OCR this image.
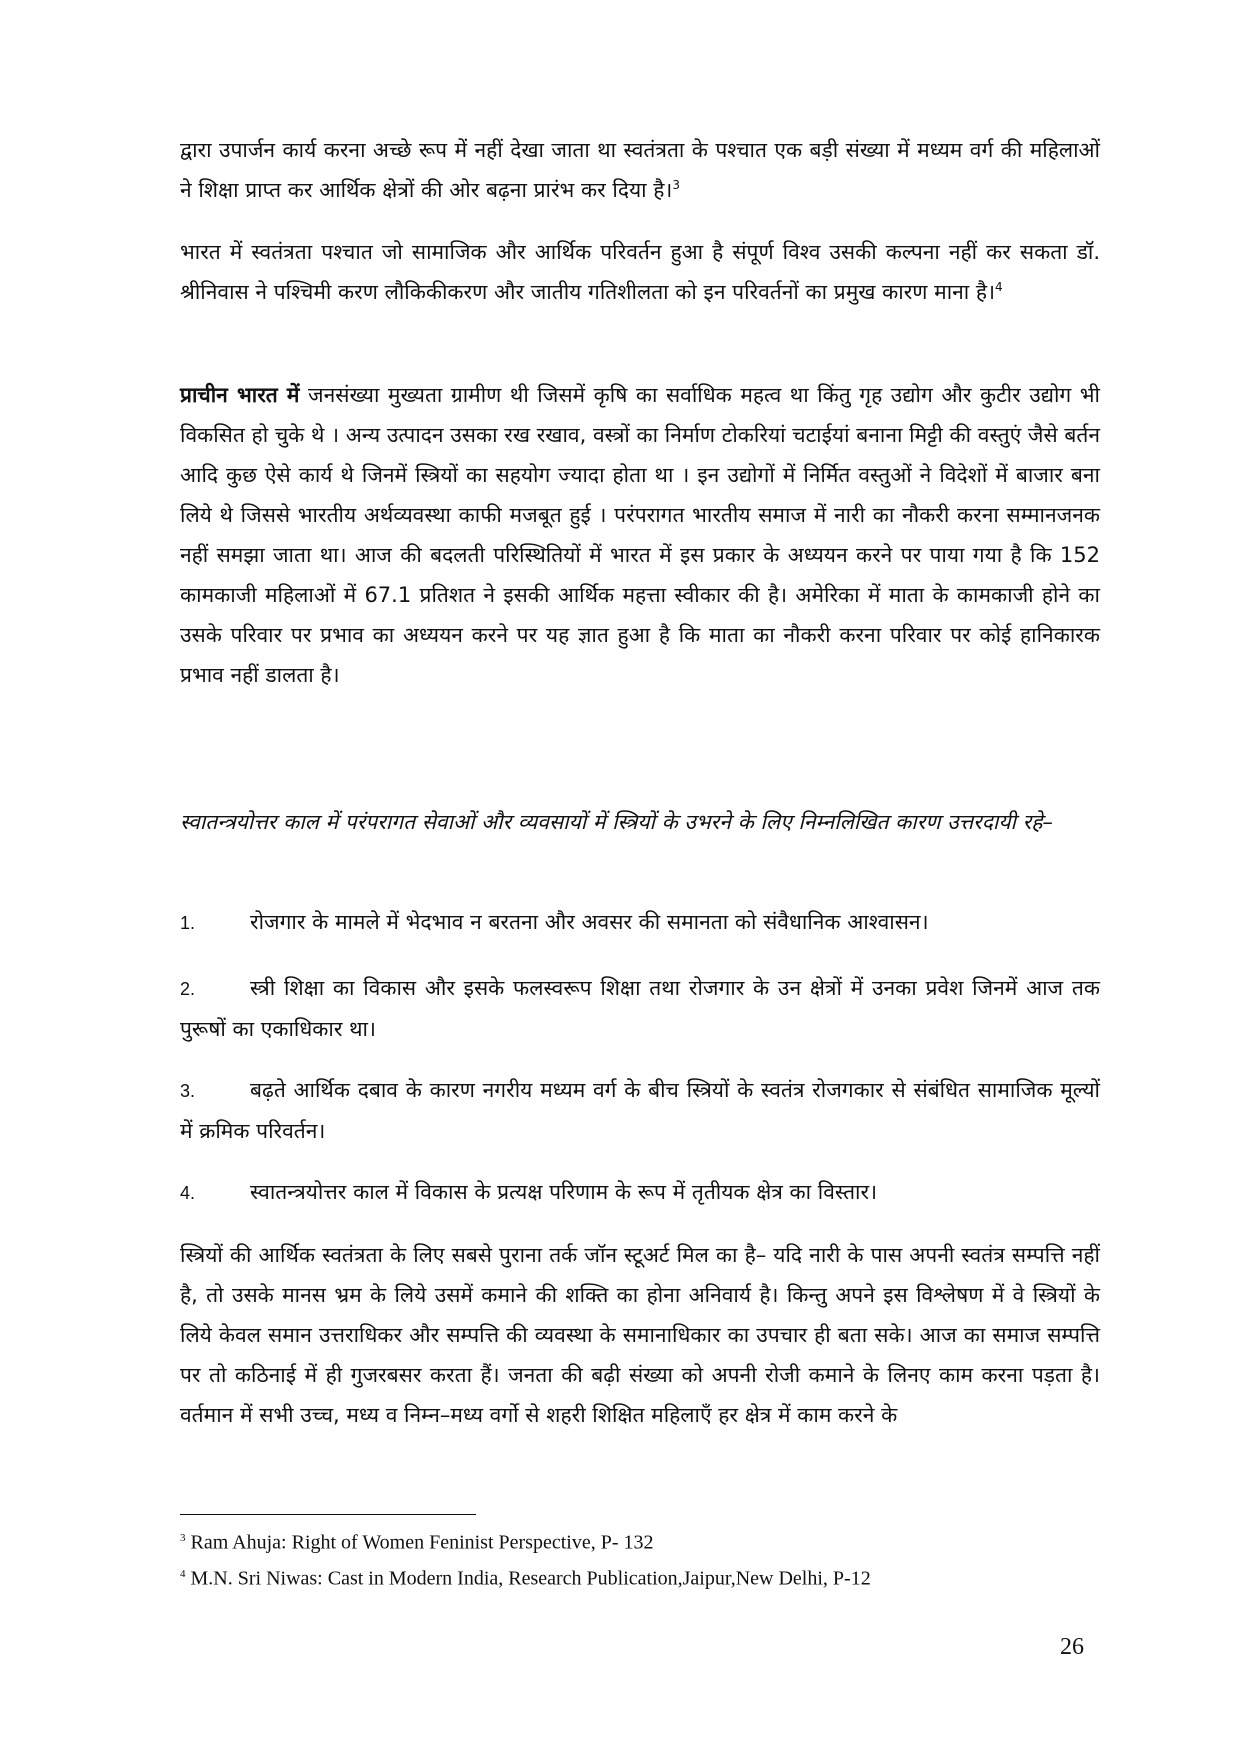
द्वारा उपार्जन कार्य करना अच्छे रूप में नहीं देखा जाता था स्वतंत्रता के पश्चात एक बड़ी संख्या में मध्यम वर्ग की महिलाओं ने शिक्षा प्राप्त कर आर्थिक क्षेत्रों की ओर बढ़ना प्रारंभ कर दिया है।$^3$

भारत में स्वतंत्रता पश्चात जो सामाजिक और आर्थिक परिवर्तन हुआ है संपूर्ण विश्व उसकी कल्पना नहीं कर सकता डॉ. श्रीनिवास ने पश्चिमी करण लौकिकीकरण और जातीय गतिशीलता को इन परिवर्तनों का प्रमुख कारण माना है।$^4$

प्राचीन भारत में जनसंख्या मुख्यता ग्रामीण थी जिसमें कृषि का सर्वाधिक महत्व था किंतु गृह उद्योग और कुटीर उद्योग भी विकसित हो चुके थे । अन्य उत्पादन उसका रख रखाव, वस्त्रों का निर्माण टोकरियां चटाईयां बनाना मिट्टी की वस्तुएं जैसे बर्तन आदि कुछ ऐसे कार्य थे जिनमें स्त्रियों का सहयोग ज्यादा होता था । इन उद्योगों में निर्मित वस्तुओं ने विदेशों में बाजार बना लिये थे जिससे भारतीय अर्थव्यवस्था काफी मजबूत हुई । परंपरागत भारतीय समाज में नारी का नौकरी करना सम्मानजनक नहीं समझा जाता था। आज की बदलती परिस्थितियों में भारत में इस प्रकार के अध्ययन करने पर पाया गया है कि 152 कामकाजी महिलाओं में 67.1 प्रतिशत ने इसकी आर्थिक महत्ता स्वीकार की है। अमेरिका में माता के कामकाजी होने का उसके परिवार पर प्रभाव का अध्ययन करने पर यह ज्ञात हुआ है कि माता का नौकरी करना परिवार पर कोई हानिकारक प्रभाव नहीं डालता है।

स्वातन्त्रयोत्तर काल में परंपरागत सेवाओं और व्यवसायों में स्त्रियों के उभरने के लिए निम्नलिखित कारण उत्तरदायी रहे–

1.	रोजगार के मामले में भेदभाव न बरतना और अवसर की समानता को संवैधानिक आश्वासन।
2.	स्त्री शिक्षा का विकास और इसके फलस्वरूप शिक्षा तथा रोजगार के उन क्षेत्रों में उनका प्रवेश जिनमें आज तक पुरूषों का एकाधिकार था।
3.	बढ़ते आर्थिक दबाव के कारण नगरीय मध्यम वर्ग के बीच स्त्रियों के स्वतंत्र रोजगकार से संबंधित सामाजिक मूल्यों में क्रमिक परिवर्तन।
4.	स्वातन्त्रयोत्तर काल में विकास के प्रत्यक्ष परिणाम के रूप में तृतीयक क्षेत्र का विस्तार।

स्त्रियों की आर्थिक स्वतंत्रता के लिए सबसे पुराना तर्क जॉन स्टूअर्ट मिल का है– यदि नारी के पास अपनी स्वतंत्र सम्पत्ति नहीं है, तो उसके मानस भ्रम के लिये उसमें कमाने की शक्ति का होना अनिवार्य है। किन्तु अपने इस विश्लेषण में वे स्त्रियों के लिये केवल समान उत्तराधिकर और सम्पत्ति की व्यवस्था के समानाधिकार का उपचार ही बता सके। आज का समाज सम्पत्ति पर तो कठिनाई में ही गुजरबसर करता हैं। जनता की बढ़ी संख्या को अपनी रोजी कमाने के लिनए काम करना पड़ता है। वर्तमान में सभी उच्च, मध्य व निम्न–मध्य वर्गो से शहरी शिक्षित महिलाएँ हर क्षेत्र में काम करने के

$^3$ Ram Ahuja: Right of Women Feninist Perspective, P- 132

$^4$ M.N. Sri Niwas: Cast in Modern India, Research Publication,Jaipur,New Delhi, P-12

26
